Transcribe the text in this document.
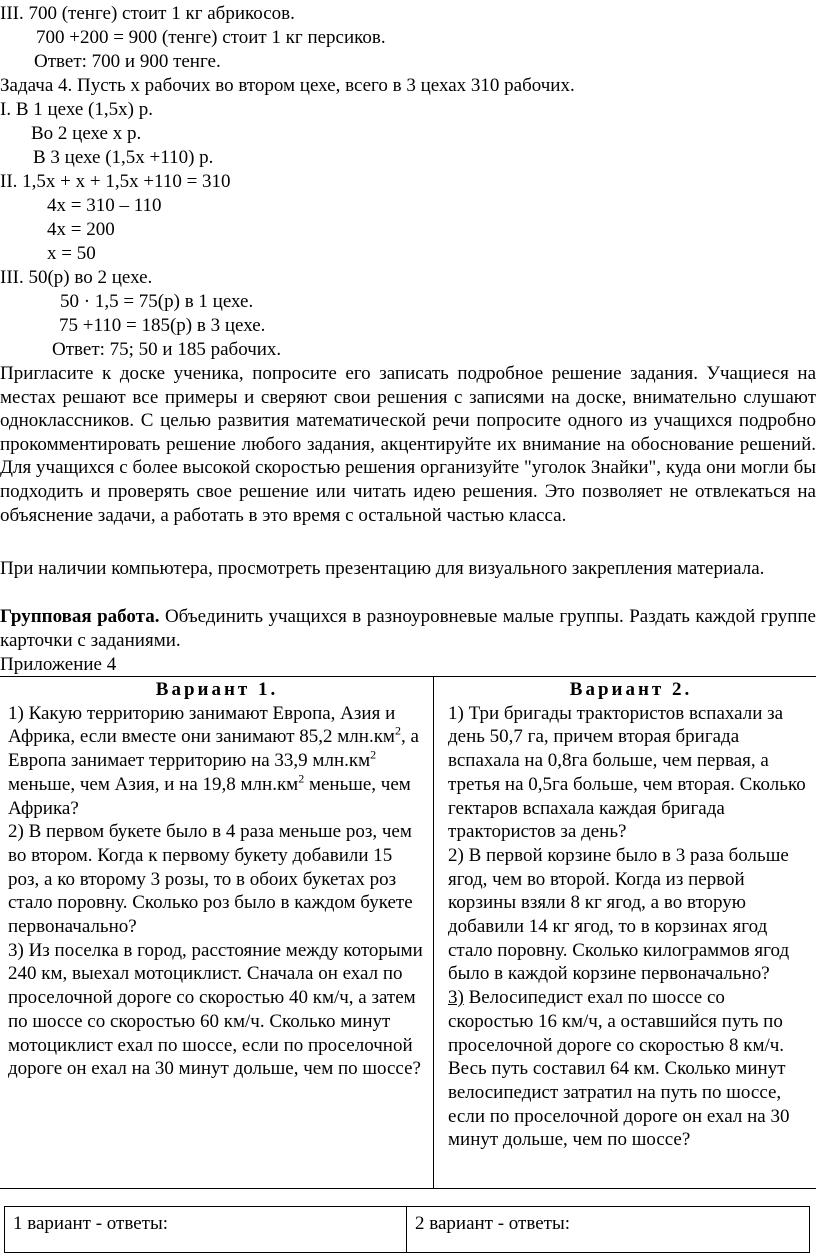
III. 700 (тенге) стоит 1 кг абрикосов.
700 +200 = 900 (тенге) стоит 1 кг персиков.
Ответ: 700 и 900 тенге.
Задача 4. Пусть х рабочих во втором цехе, всего в 3 цехах 310 рабочих.
I. В 1 цехе (1,5х) р.
Во 2 цехе х р.
В 3 цехе (1,5х +110) р.
II. 1,5х + х + 1,5х +110 = 310
4х = 310 – 110
4х = 200
х = 50
III. 50(р) во 2 цехе.
50 · 1,5 = 75(р) в 1 цехе.
75 +110 = 185(р) в 3 цехе.
Ответ: 75; 50 и 185 рабочих.
Пригласите к доске ученика, попросите его записать подробное решение задания. Учащиеся на местах решают все примеры и сверяют свои решения с записями на доске, внимательно слушают одноклассников. С целью развития математической речи попросите одного из учащихся подробно прокомментировать решение любого задания, акцентируйте их внимание на обоснование решений. Для учащихся с более высокой скоростью решения организуйте "уголок Знайки", куда они могли бы подходить и проверять свое решение или читать идею решения. Это позволяет не отвлекаться на объяснение задачи, а работать в это время с остальной частью класса.
При наличии компьютера, просмотреть презентацию для визуального закрепления материала.
Групповая работа. Объединить учащихся в разноуровневые малые группы. Раздать каждой группе карточки с заданиями.
Приложение 4
Вариант 1.
1) Какую территорию занимают Европа, Азия и Африка, если вместе они занимают 85,2 $млн.км^2$, а Европа занимает территорию на 33,9 $млн.км^2$ меньше, чем Азия, и на 19,8 $млн.км^2$ меньше, чем Африка?
2) В первом букете было в 4 раза меньше роз, чем во втором. Когда к первому букету добавили 15 роз, а ко второму 3 розы, то в обоих букетах роз стало поровну. Сколько роз было в каждом букете первоначально?
3) Из поселка в город, расстояние между которыми 240 км, выехал мотоциклист. Сначала он ехал по проселочной дороге со скоростью 40 км/ч, а затем по шоссе со скоростью 60 км/ч. Сколько минут мотоциклист ехал по шоссе, если по проселочной дороге он ехал на 30 минут дольше, чем по шоссе?
Вариант 2.
1) Три бригады трактористов вспахали за день 50,7 га, причем вторая бригада вспахала на 0,8га больше, чем первая, а третья на 0,5га больше, чем вторая. Сколько гектаров вспахала каждая бригада трактористов за день?
2) В первой корзине было в 3 раза больше ягод, чем во второй. Когда из первой корзины взяли 8 кг ягод, а во вторую добавили 14 кг ягод, то в корзинах ягод стало поровну. Сколько килограммов ягод было в каждой корзине первоначально?
3) Велосипедист ехал по шоссе со скоростью 16 км/ч, а оставшийся путь по проселочной дороге со скоростью 8 км/ч. Весь путь составил 64 км. Сколько минут велосипедист затратил на путь по шоссе, если по проселочной дороге он ехал на 30 минут дольше, чем по шоссе?
1 вариант - ответы:	2 вариант - ответы:
